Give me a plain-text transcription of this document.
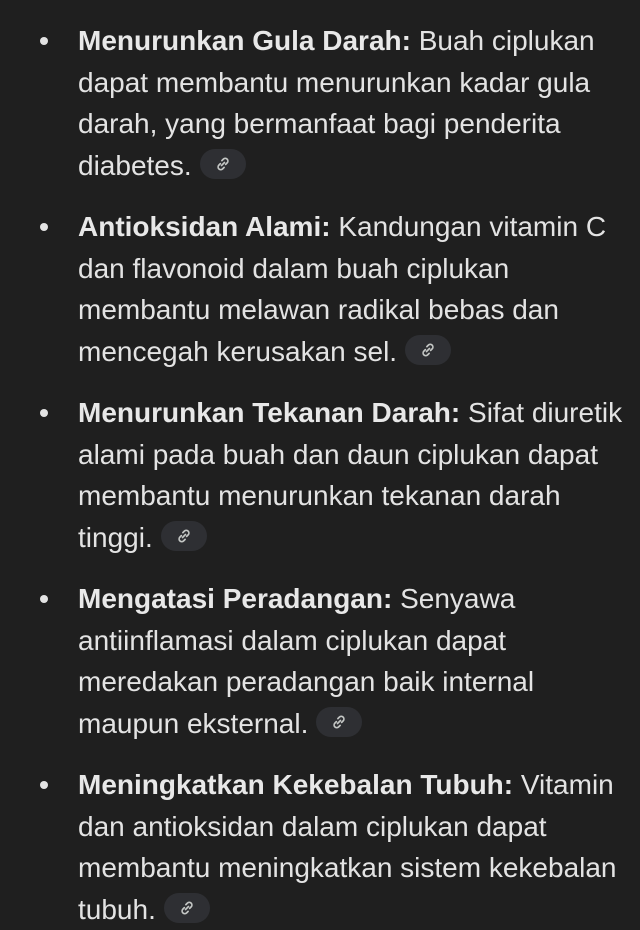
Menurunkan Gula Darah: Buah ciplukan dapat membantu menurunkan kadar gula darah, yang bermanfaat bagi penderita diabetes.
Antioksidan Alami: Kandungan vitamin C dan flavonoid dalam buah ciplukan membantu melawan radikal bebas dan mencegah kerusakan sel.
Menurunkan Tekanan Darah: Sifat diuretik alami pada buah dan daun ciplukan dapat membantu menurunkan tekanan darah tinggi.
Mengatasi Peradangan: Senyawa antiinflamasi dalam ciplukan dapat meredakan peradangan baik internal maupun eksternal.
Meningkatkan Kekebalan Tubuh: Vitamin dan antioksidan dalam ciplukan dapat membantu meningkatkan sistem kekebalan tubuh.
